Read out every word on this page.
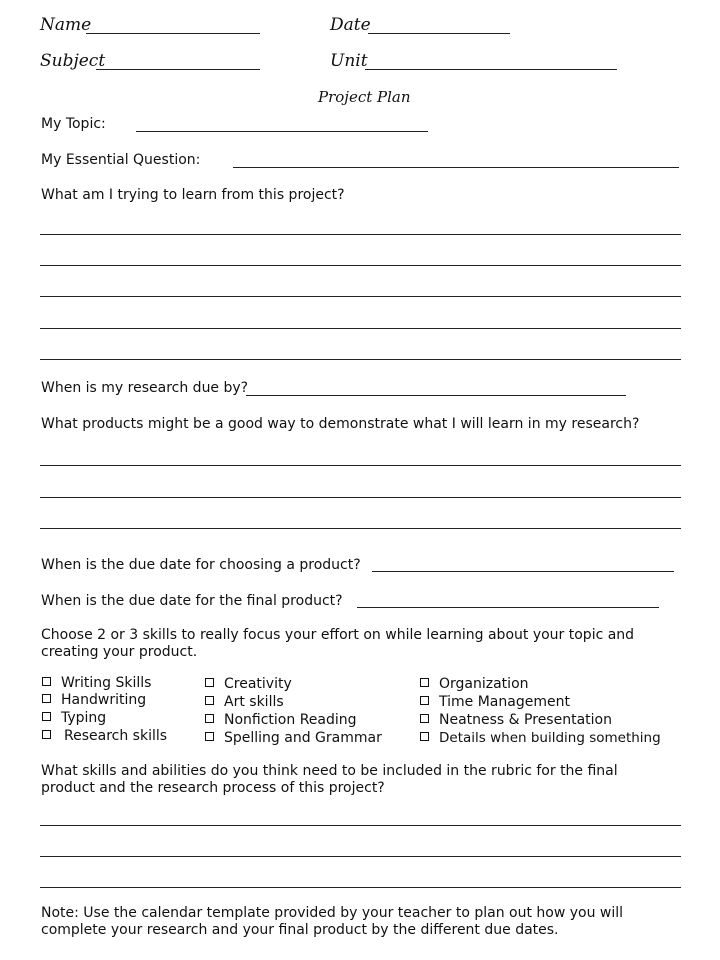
Name	Date
Subject	Unit
Project Plan
My Topic:
My Essential Question:
What am I trying to learn from this project?
When is my research due by?
What products might be a good way to demonstrate what I will learn in my research?
When is the due date for choosing a product?
When is the due date for the final product?
Choose 2 or 3 skills to really focus your effort on while learning about your topic and
creating your product.
Writing Skills
Handwriting
Typing
Research skills
Creativity
Art skills
Nonfiction Reading
Spelling and Grammar
Organization
Time Management
Neatness & Presentation
Details when building something
What skills and abilities do you think need to be included in the rubric for the final
product and the research process of this project?
Note: Use the calendar template provided by your teacher to plan out how you will
complete your research and your final product by the different due dates.
